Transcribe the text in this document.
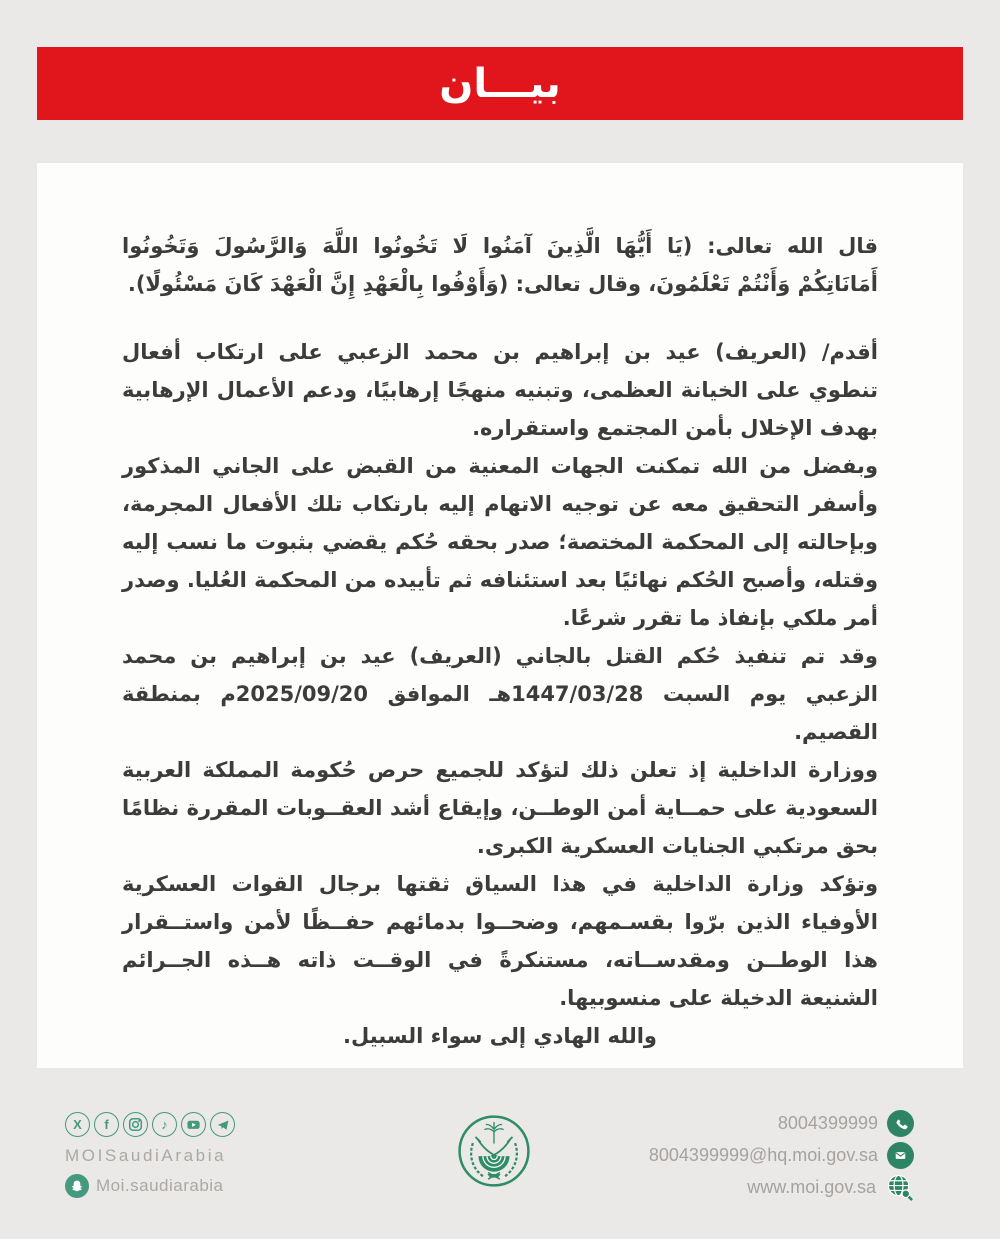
بيـــان

قال الله تعالى: (يَا أَيُّهَا الَّذِينَ آمَنُوا لَا تَخُونُوا اللَّهَ وَالرَّسُولَ وَتَخُونُوا أَمَانَاتِكُمْ وَأَنْتُمْ تَعْلَمُونَ، وقال تعالى: (وَأَوْفُوا بِالْعَهْدِ إِنَّ الْعَهْدَ كَانَ مَسْئُولًا).

أقدم/ (العريف) عيد بن إبراهيم بن محمد الزعبي على ارتكاب أفعال تنطوي على الخيانة العظمى، وتبنيه منهجًا إرهابيًا، ودعم الأعمال الإرهابية بهدف الإخلال بأمن المجتمع واستقراره.

وبفضل من الله تمكنت الجهات المعنية من القبض على الجاني المذكور وأسفر التحقيق معه عن توجيه الاتهام إليه بارتكاب تلك الأفعال المجرمة، وبإحالته إلى المحكمة المختصة؛ صدر بحقه حُكم يقضي بثبوت ما نسب إليه وقتله، وأصبح الحُكم نهائيًا بعد استئنافه ثم تأييده من المحكمة العُليا. وصدر أمر ملكي بإنفاذ ما تقرر شرعًا.

وقد تم تنفيذ حُكم القتل بالجاني (العريف) عيد بن إبراهيم بن محمد الزعبي يوم السبت 1447/03/28هـ الموافق 2025/09/20م بمنطقة القصيم.

ووزارة الداخلية إذ تعلن ذلك لتؤكد للجميع حرص حُكومة المملكة العربية السعودية على حمــاية أمن الوطــن، وإيقاع أشد العقــوبات المقررة نظامًا بحق مرتكبي الجنايات العسكرية الكبرى.

وتؤكد وزارة الداخلية في هذا السياق ثقتها برجال القوات العسكرية الأوفياء الذين برّوا بقسـمهم، وضحــوا بدمائهم حفــظًا لأمن واستــقرار هذا الوطــن ومقدســاته، مستنكرةً في الوقــت ذاته هــذه الجــرائم الشنيعة الدخيلة على منسوبيها.

والله الهادي إلى سواء السبيل.

X	f	♪
MOISaudiArabia
Moi.saudiarabia
8004399999
8004399999@hq.moi.gov.sa
www.moi.gov.sa
